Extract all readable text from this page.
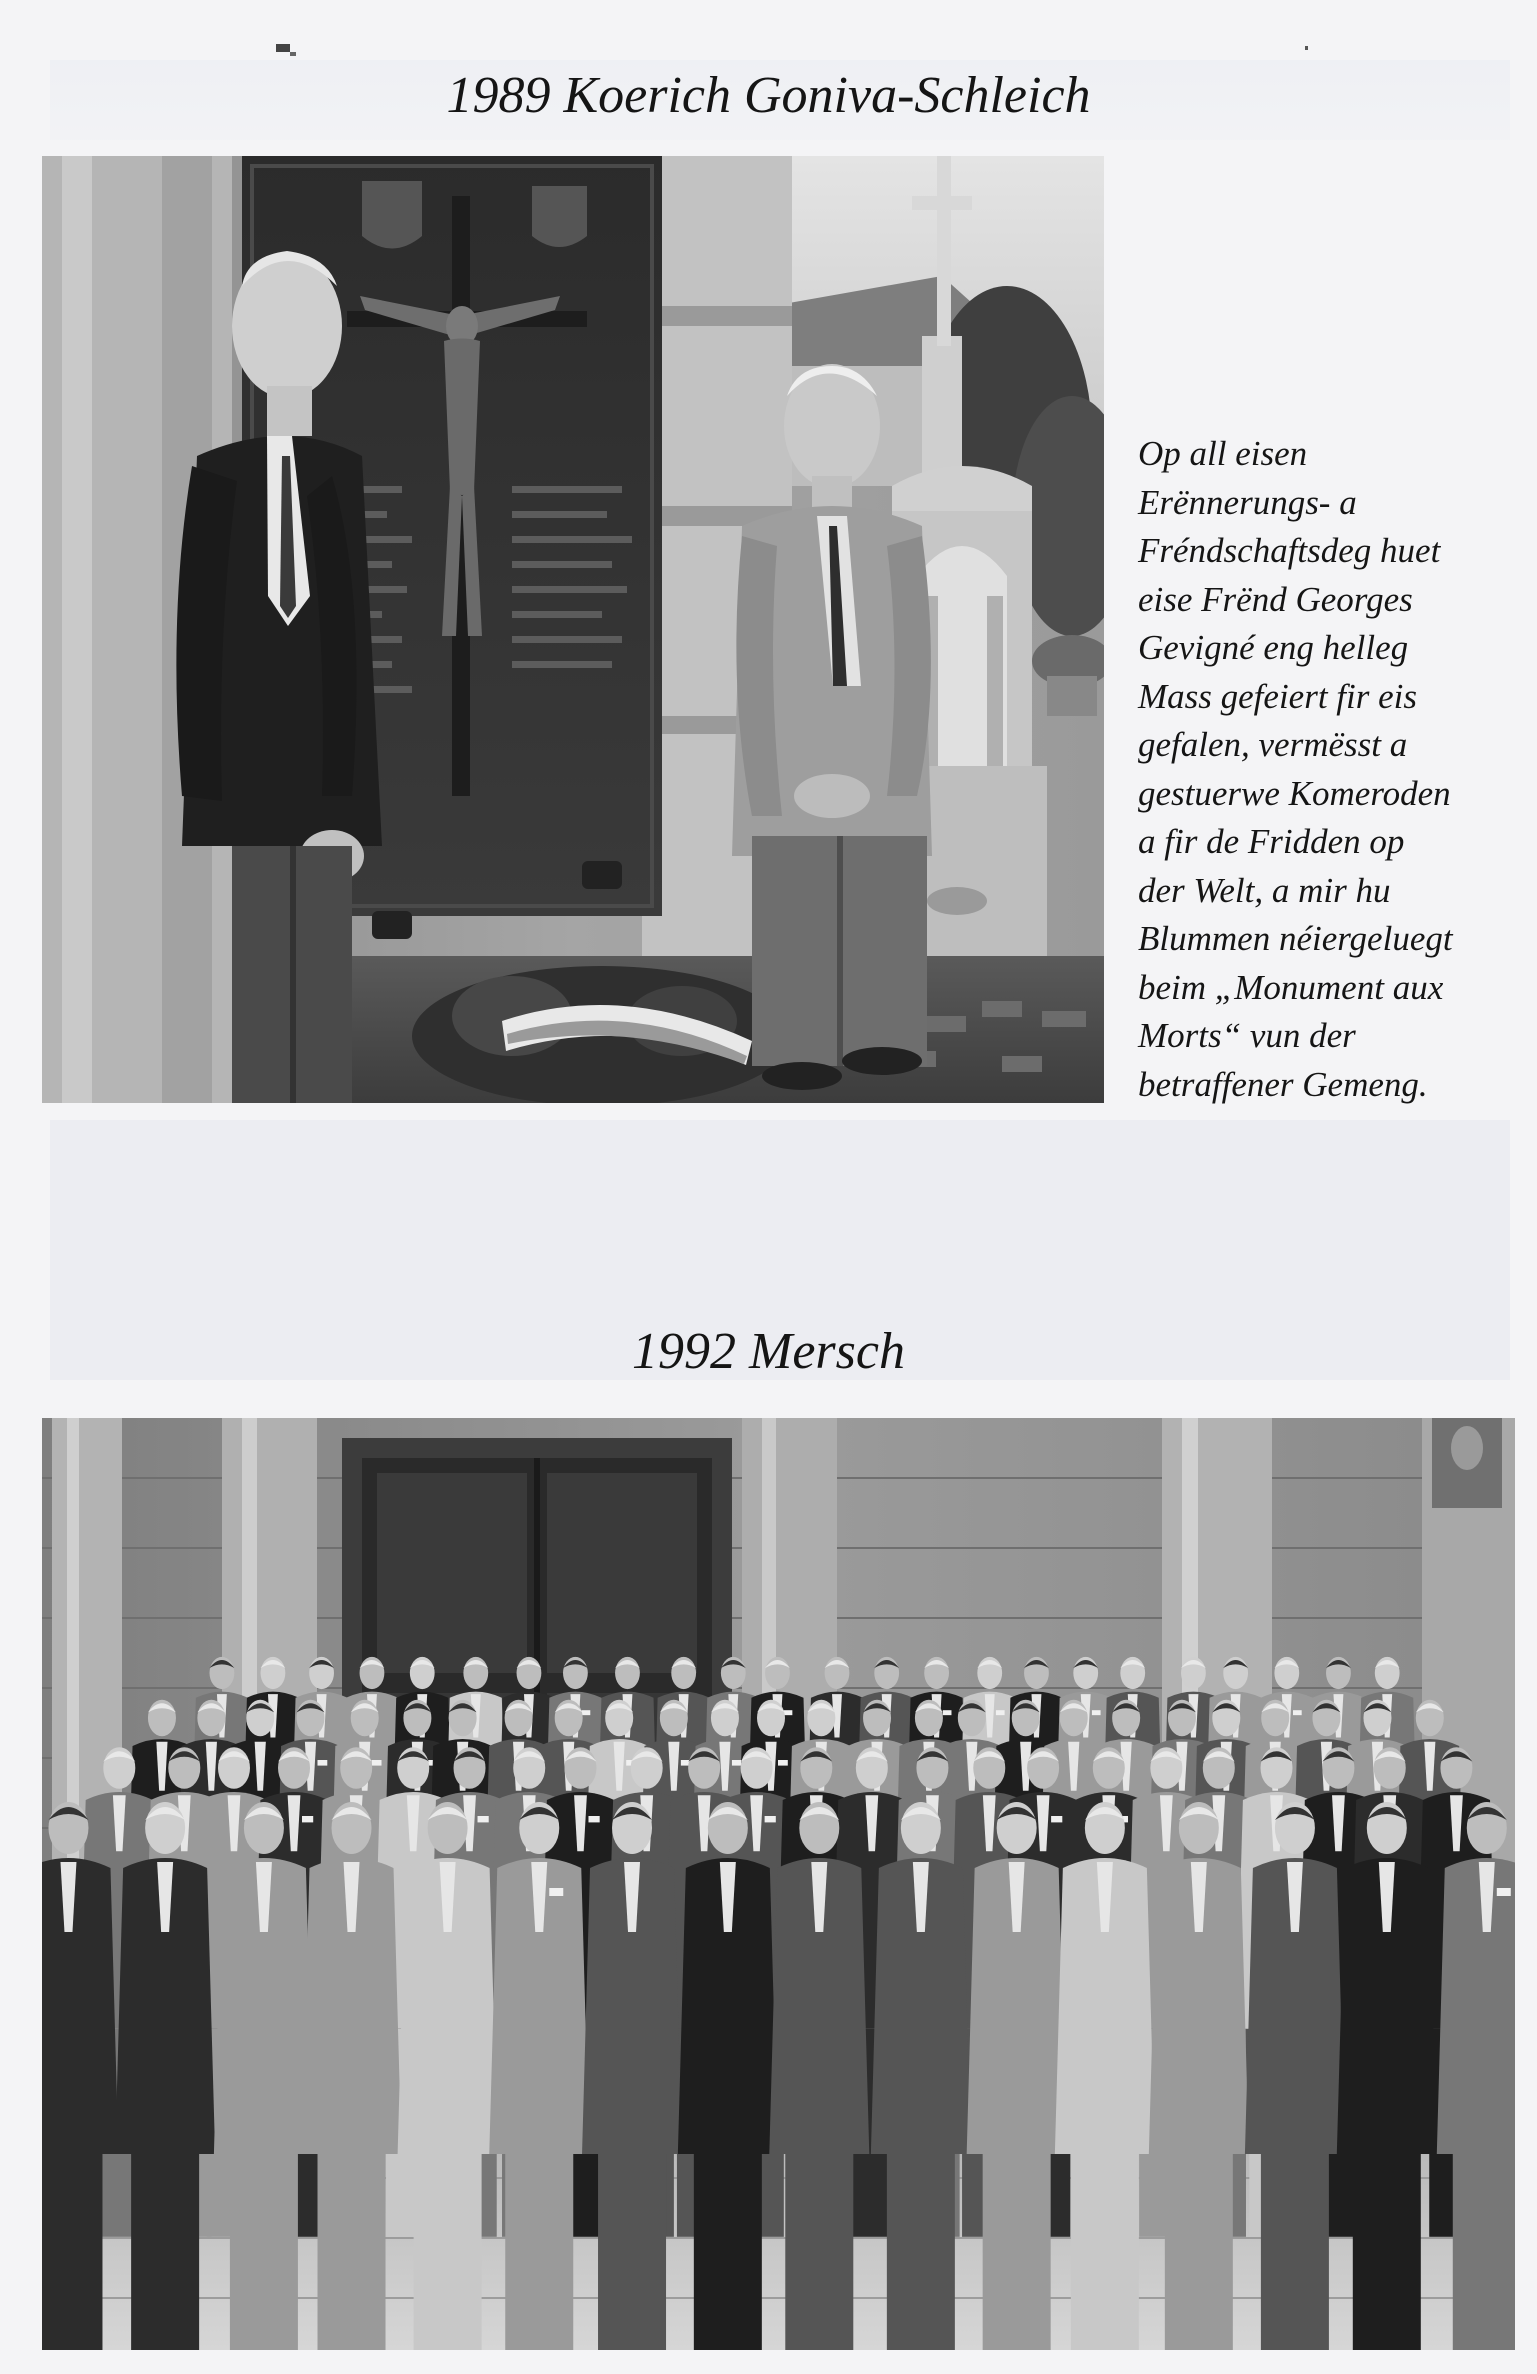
1989 Koerich Goniva-Schleich
Op all eisen
Erënnerungs- a
Fréndschaftsdeg huet
eise Frënd Georges
Gevigné eng helleg
Mass gefeiert fir eis
gefalen, vermësst a
gestuerwe Komeroden
a fir de Fridden op
der Welt, a mir hu
Blummen néiergeluegt
beim „Monument aux
Morts“ vun der
betraffener Gemeng.
1992 Mersch
